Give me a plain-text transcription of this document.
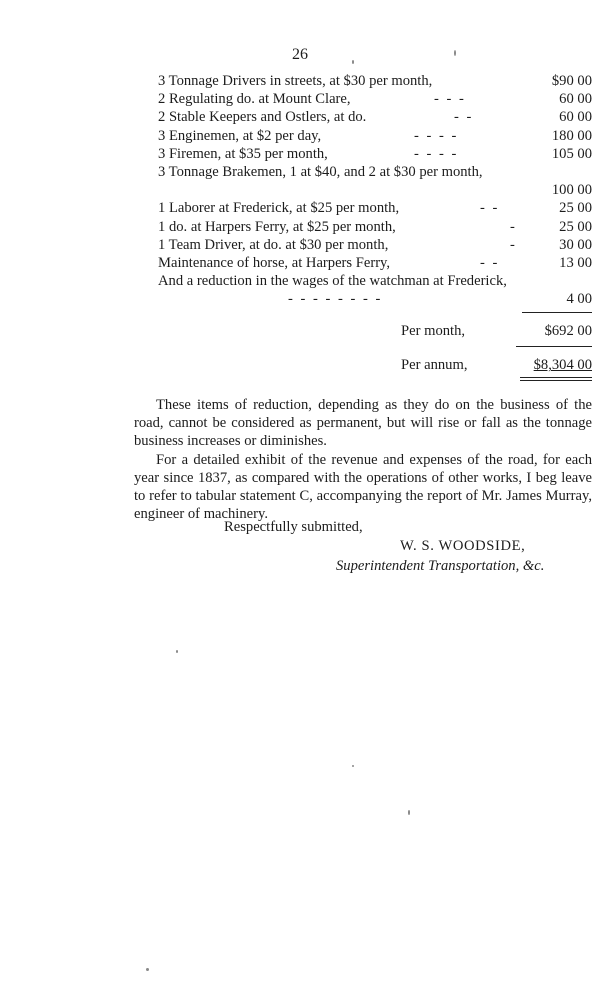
26
3 Tonnage Drivers in streets, at $30 per month,	$90 00
2 Regulating do. at Mount Clare,	- - -	60 00
2 Stable Keepers and Ostlers, at do.	- -	60 00
3 Enginemen, at $2 per day,	- - - -	180 00
3 Firemen, at $35 per month,	- - - -	105 00
3 Tonnage Brakemen, 1 at $40, and 2 at $30 per month,
100 00
1 Laborer at Frederick, at $25 per month,	- -	25 00
1 do. at Harpers Ferry, at $25 per month,	-	25 00
1 Team Driver, at do. at $30 per month,	-	30 00
Maintenance of horse, at Harpers Ferry,	- -	13 00
And a reduction in the wages of the watchman at Frederick,
- - - - - - - -	4 00
Per month,	$692 00
Per annum,	$8,304 00

These items of reduction, depending as they do on the business of the road, cannot be considered as permanent, but will rise or fall as the tonnage business increases or diminishes.

For a detailed exhibit of the revenue and expenses of the road, for each year since 1837, as compared with the operations of other works, I beg leave to refer to tabular statement C, accompanying the report of Mr. James Murray, engineer of machinery.

Respectfully submitted,
W. S. WOODSIDE,
Superintendent Transportation, &c.
